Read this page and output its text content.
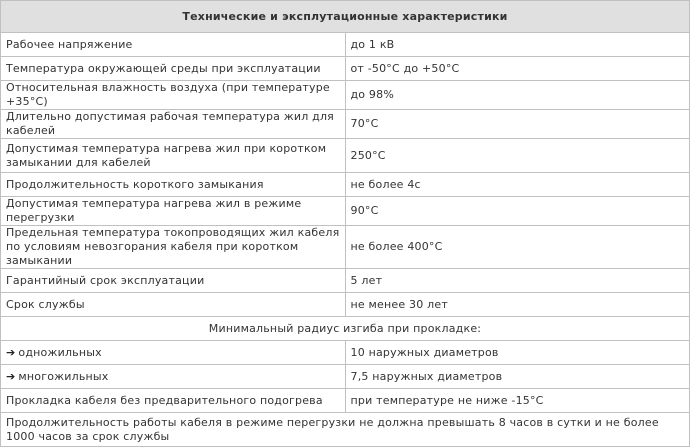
Технические и эксплутационные характеристики	
Рабочее напряжение	до 1 кВ
Температура окружающей среды при эксплуатации	от -50°С до +50°С
Относительная влажность воздуха (при температуре +35°С)	до 98%
Длительно допустимая рабочая температура жил для кабелей	70°С
Допустимая температура нагрева жил при коротком замыкании для кабелей	250°С
Продолжительность короткого замыкания	не более 4с
Допустимая температура нагрева жил в режиме перегрузки	90°С
Предельная температура токопроводящих жил кабеля по условиям невозгорания кабеля при коротком замыкании	не более 400°С
Гарантийный срок эксплуатации	5 лет
Срок службы	не менее 30 лет
Минимальный радиус изгиба при прокладке:	
➔ одножильных	10 наружных диаметров
➔ многожильных	7,5 наружных диаметров
Прокладка кабеля без предварительного подогрева	при температуре не ниже -15°С
Продолжительность работы кабеля в режиме перегрузки не должна превышать 8 часов в сутки и не более 1000 часов за срок службы	
